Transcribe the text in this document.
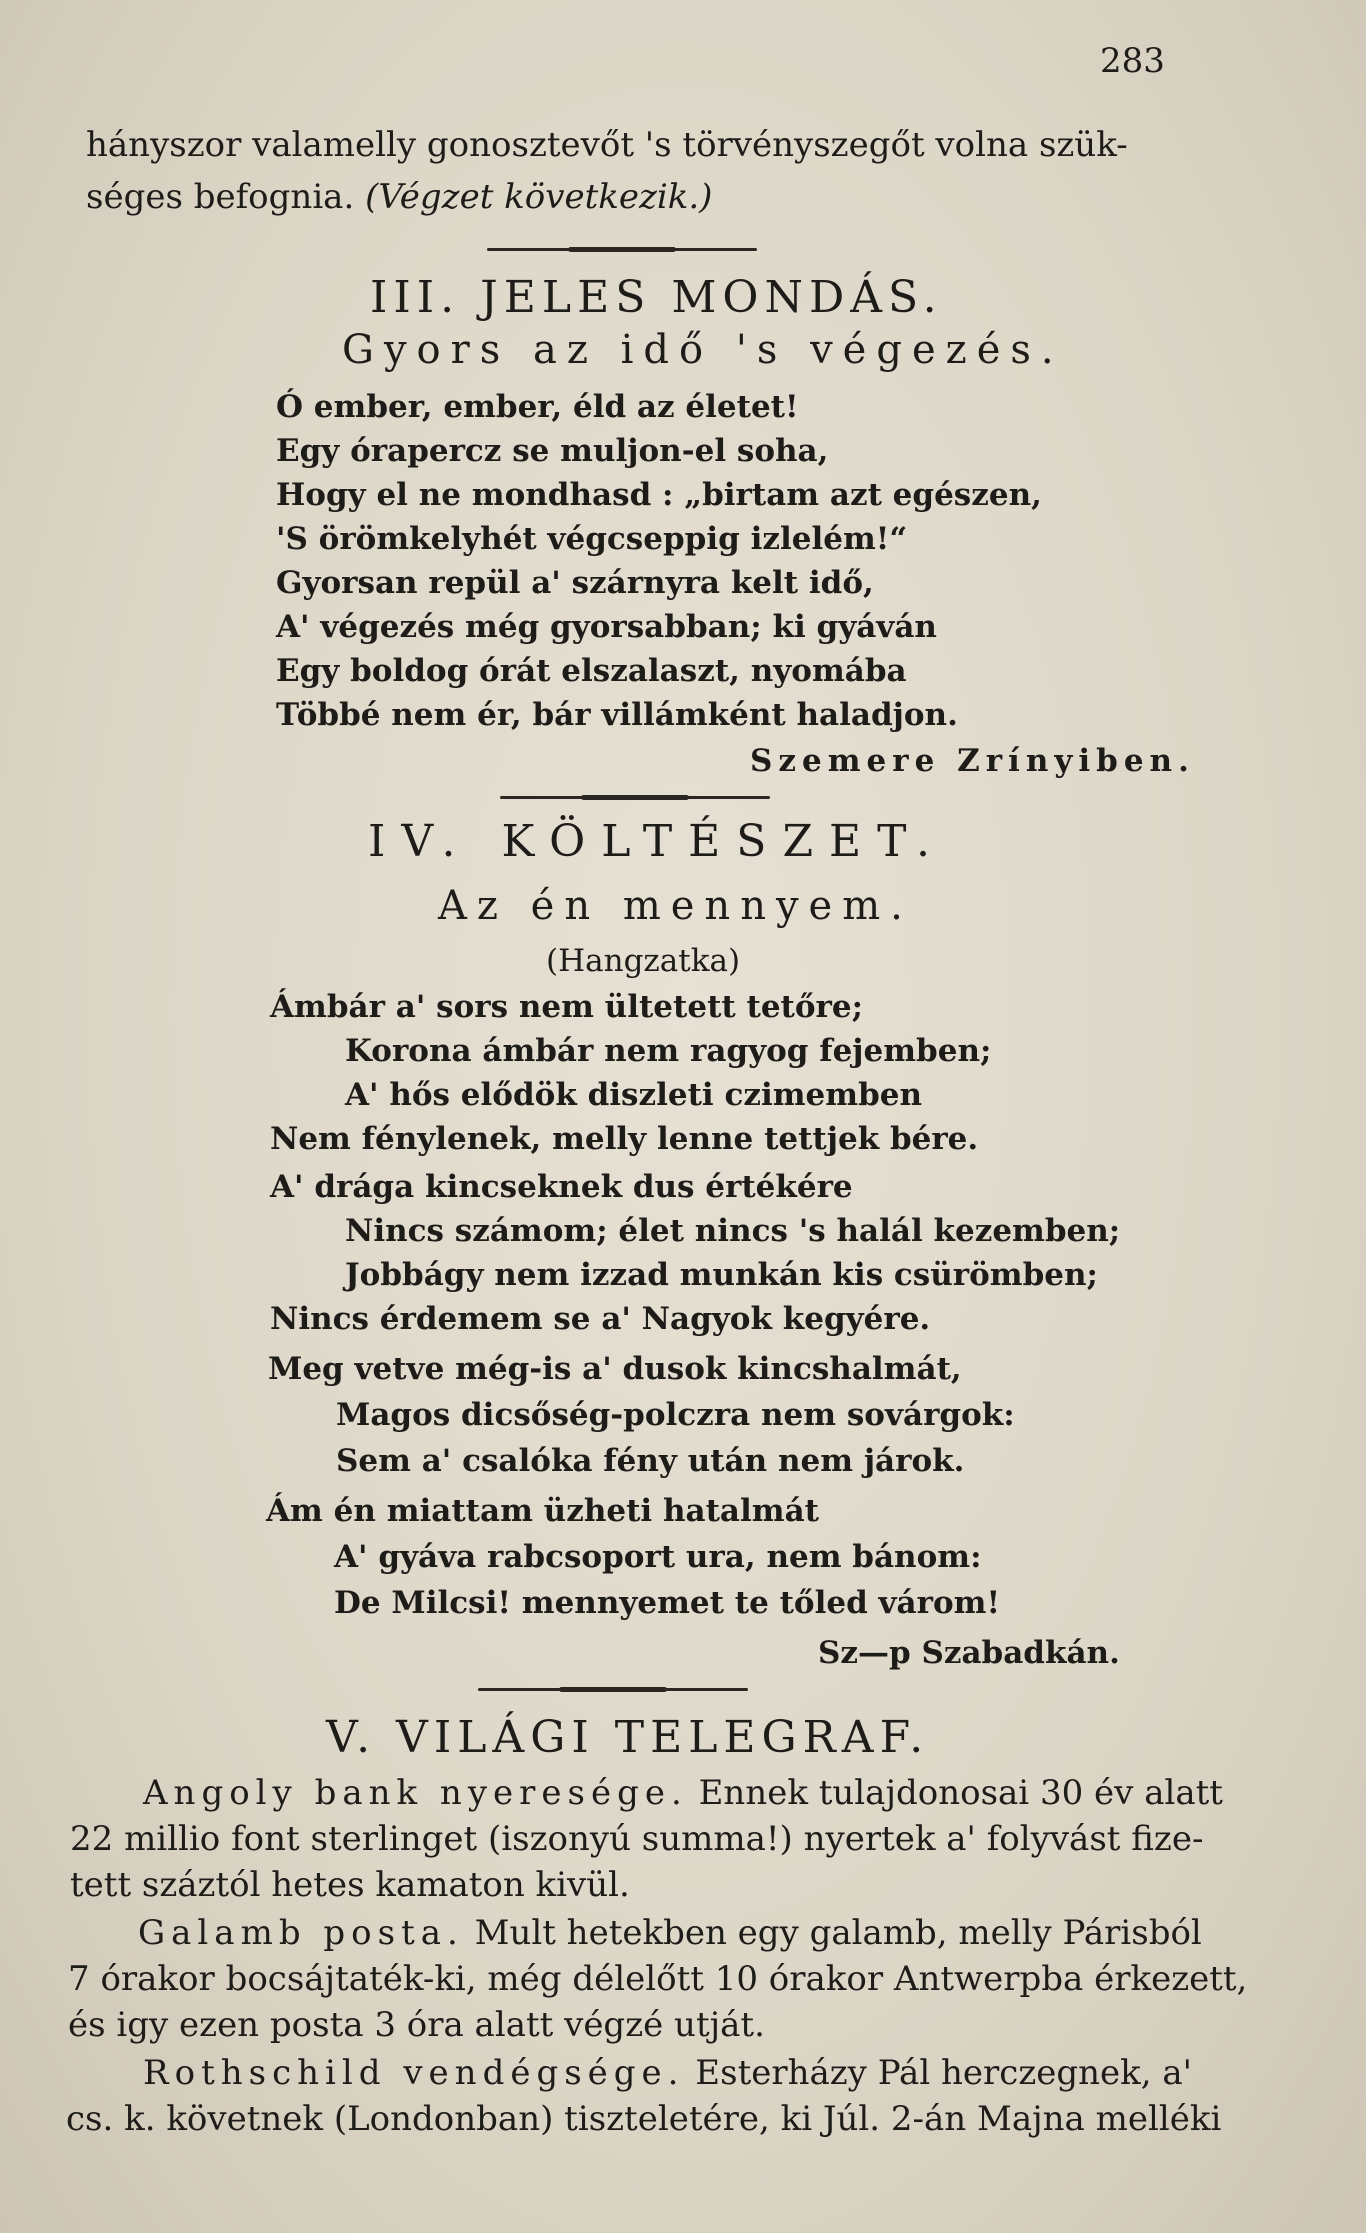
283
hányszor valamelly gonosztevőt 's törvényszegőt volna szük-
séges befognia. (Végzet következik.)
III. JELES MONDÁS.
Gyors az idő 's végezés.
Ó ember, ember, éld az életet!
Egy órapercz se muljon-el soha,
Hogy el ne mondhasd : „birtam azt egészen,
'S örömkelyhét végcseppig izlelém!“
Gyorsan repül a' szárnyra kelt idő,
A' végezés még gyorsabban; ki gyáván
Egy boldog órát elszalaszt, nyomába
Többé nem ér, bár villámként haladjon.
Szemere Zrínyiben.
IV. KÖLTÉSZET.
Az én mennyem.
(Hangzatka)
Ámbár a' sors nem ültetett tetőre;
Korona ámbár nem ragyog fejemben;
A' hős elődök diszleti czimemben
Nem fénylenek, melly lenne tettjek bére.
A' drága kincseknek dus értékére
Nincs számom; élet nincs 's halál kezemben;
Jobbágy nem izzad munkán kis csürömben;
Nincs érdemem se a' Nagyok kegyére.
Meg vetve még-is a' dusok kincshalmát,
Magos dicsőség-polczra nem sovárgok:
Sem a' csalóka fény után nem járok.
Ám én miattam üzheti hatalmát
A' gyáva rabcsoport ura, nem bánom:
De Milcsi! mennyemet te tőled várom!
Sz—p Szabadkán.
V. VILÁGI TELEGRAF.
Angoly bank nyeresége. Ennek tulajdonosai 30 év alatt
22 millio font sterlinget (iszonyú summa!) nyertek a' folyvást fize-
tett száztól hetes kamaton kivül.
Galamb posta. Mult hetekben egy galamb, melly Párisból
7 órakor bocsájtaték-ki, még délelőtt 10 órakor Antwerpba érkezett,
és igy ezen posta 3 óra alatt végzé utját.
Rothschild vendégsége. Esterházy Pál herczegnek, a'
cs. k. követnek (Londonban) tiszteletére, ki Júl. 2-án Majna melléki
